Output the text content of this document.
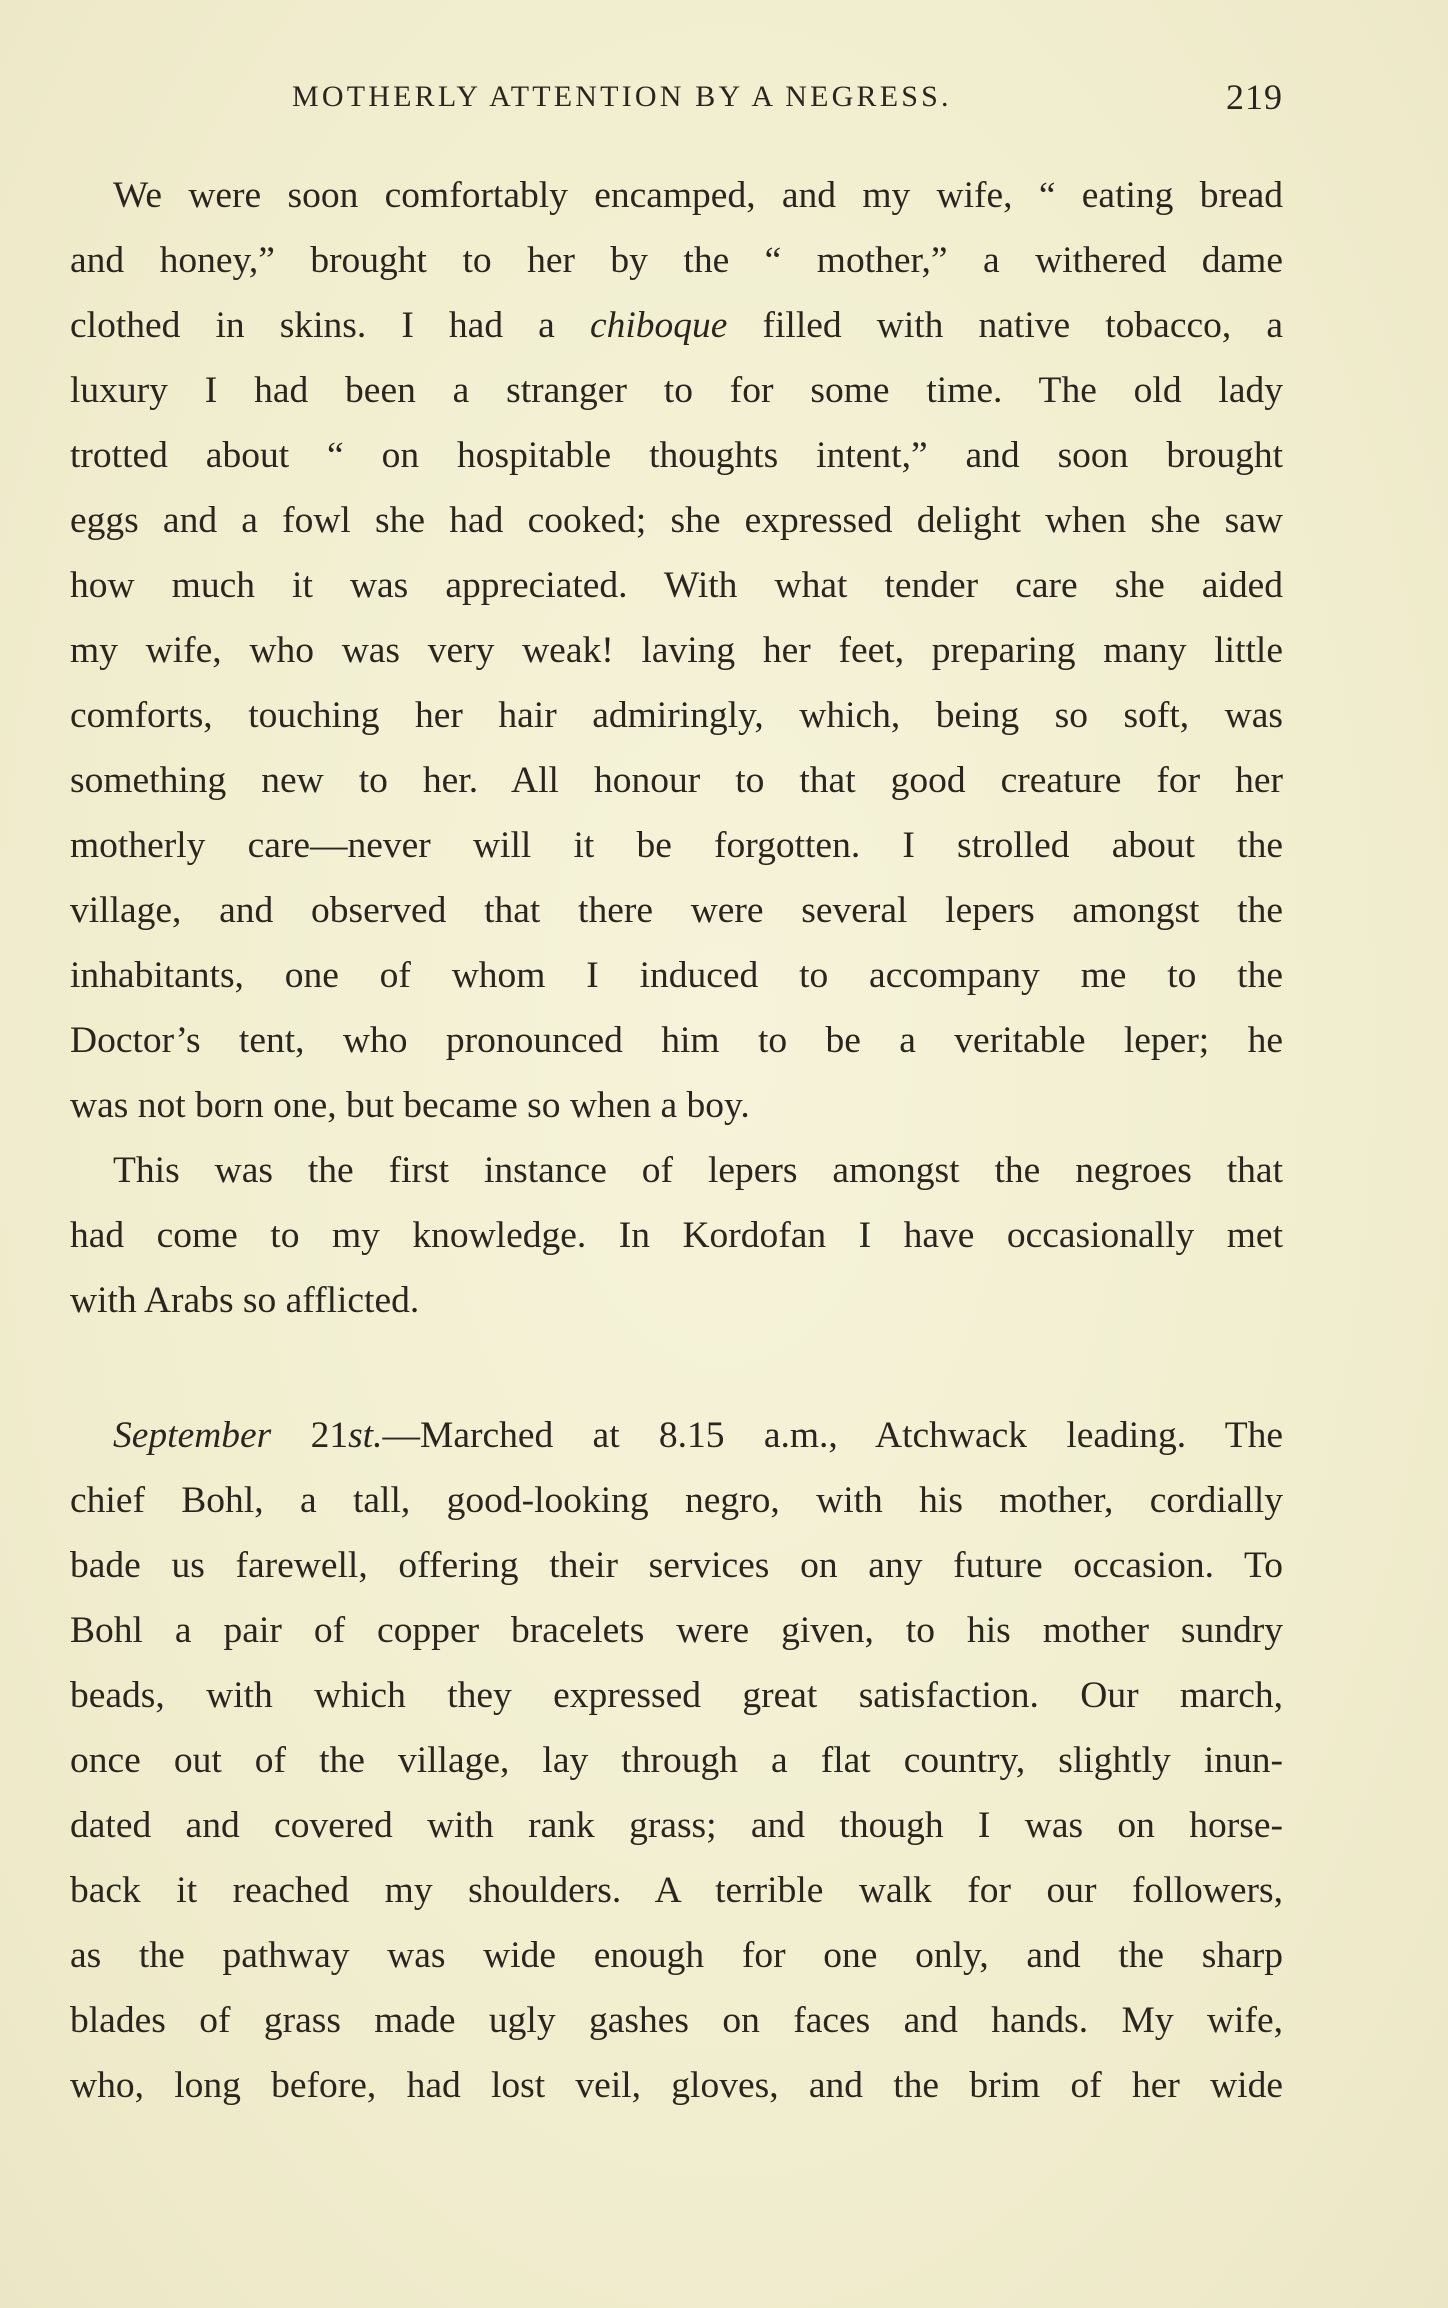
MOTHERLY ATTENTION BY A NEGRESS.	219
We were soon comfortably encamped, and my wife, “ eating bread
and honey,” brought to her by the “ mother,” a withered dame
clothed in skins. I had a chiboque filled with native tobacco, a
luxury I had been a stranger to for some time. The old lady
trotted about “ on hospitable thoughts intent,” and soon brought
eggs and a fowl she had cooked; she expressed delight when she saw
how much it was appreciated. With what tender care she aided
my wife, who was very weak! laving her feet, preparing many little
comforts, touching her hair admiringly, which, being so soft, was
something new to her. All honour to that good creature for her
motherly care—never will it be forgotten. I strolled about the
village, and observed that there were several lepers amongst the
inhabitants, one of whom I induced to accompany me to the
Doctor’s tent, who pronounced him to be a veritable leper; he
was not born one, but became so when a boy.
This was the first instance of lepers amongst the negroes that
had come to my knowledge. In Kordofan I have occasionally met
with Arabs so afflicted.
September 21st.—Marched at 8.15 a.m., Atchwack leading. The
chief Bohl, a tall, good-looking negro, with his mother, cordially
bade us farewell, offering their services on any future occasion. To
Bohl a pair of copper bracelets were given, to his mother sundry
beads, with which they expressed great satisfaction. Our march,
once out of the village, lay through a flat country, slightly inun-
dated and covered with rank grass; and though I was on horse-
back it reached my shoulders. A terrible walk for our followers,
as the pathway was wide enough for one only, and the sharp
blades of grass made ugly gashes on faces and hands. My wife,
who, long before, had lost veil, gloves, and the brim of her wide
